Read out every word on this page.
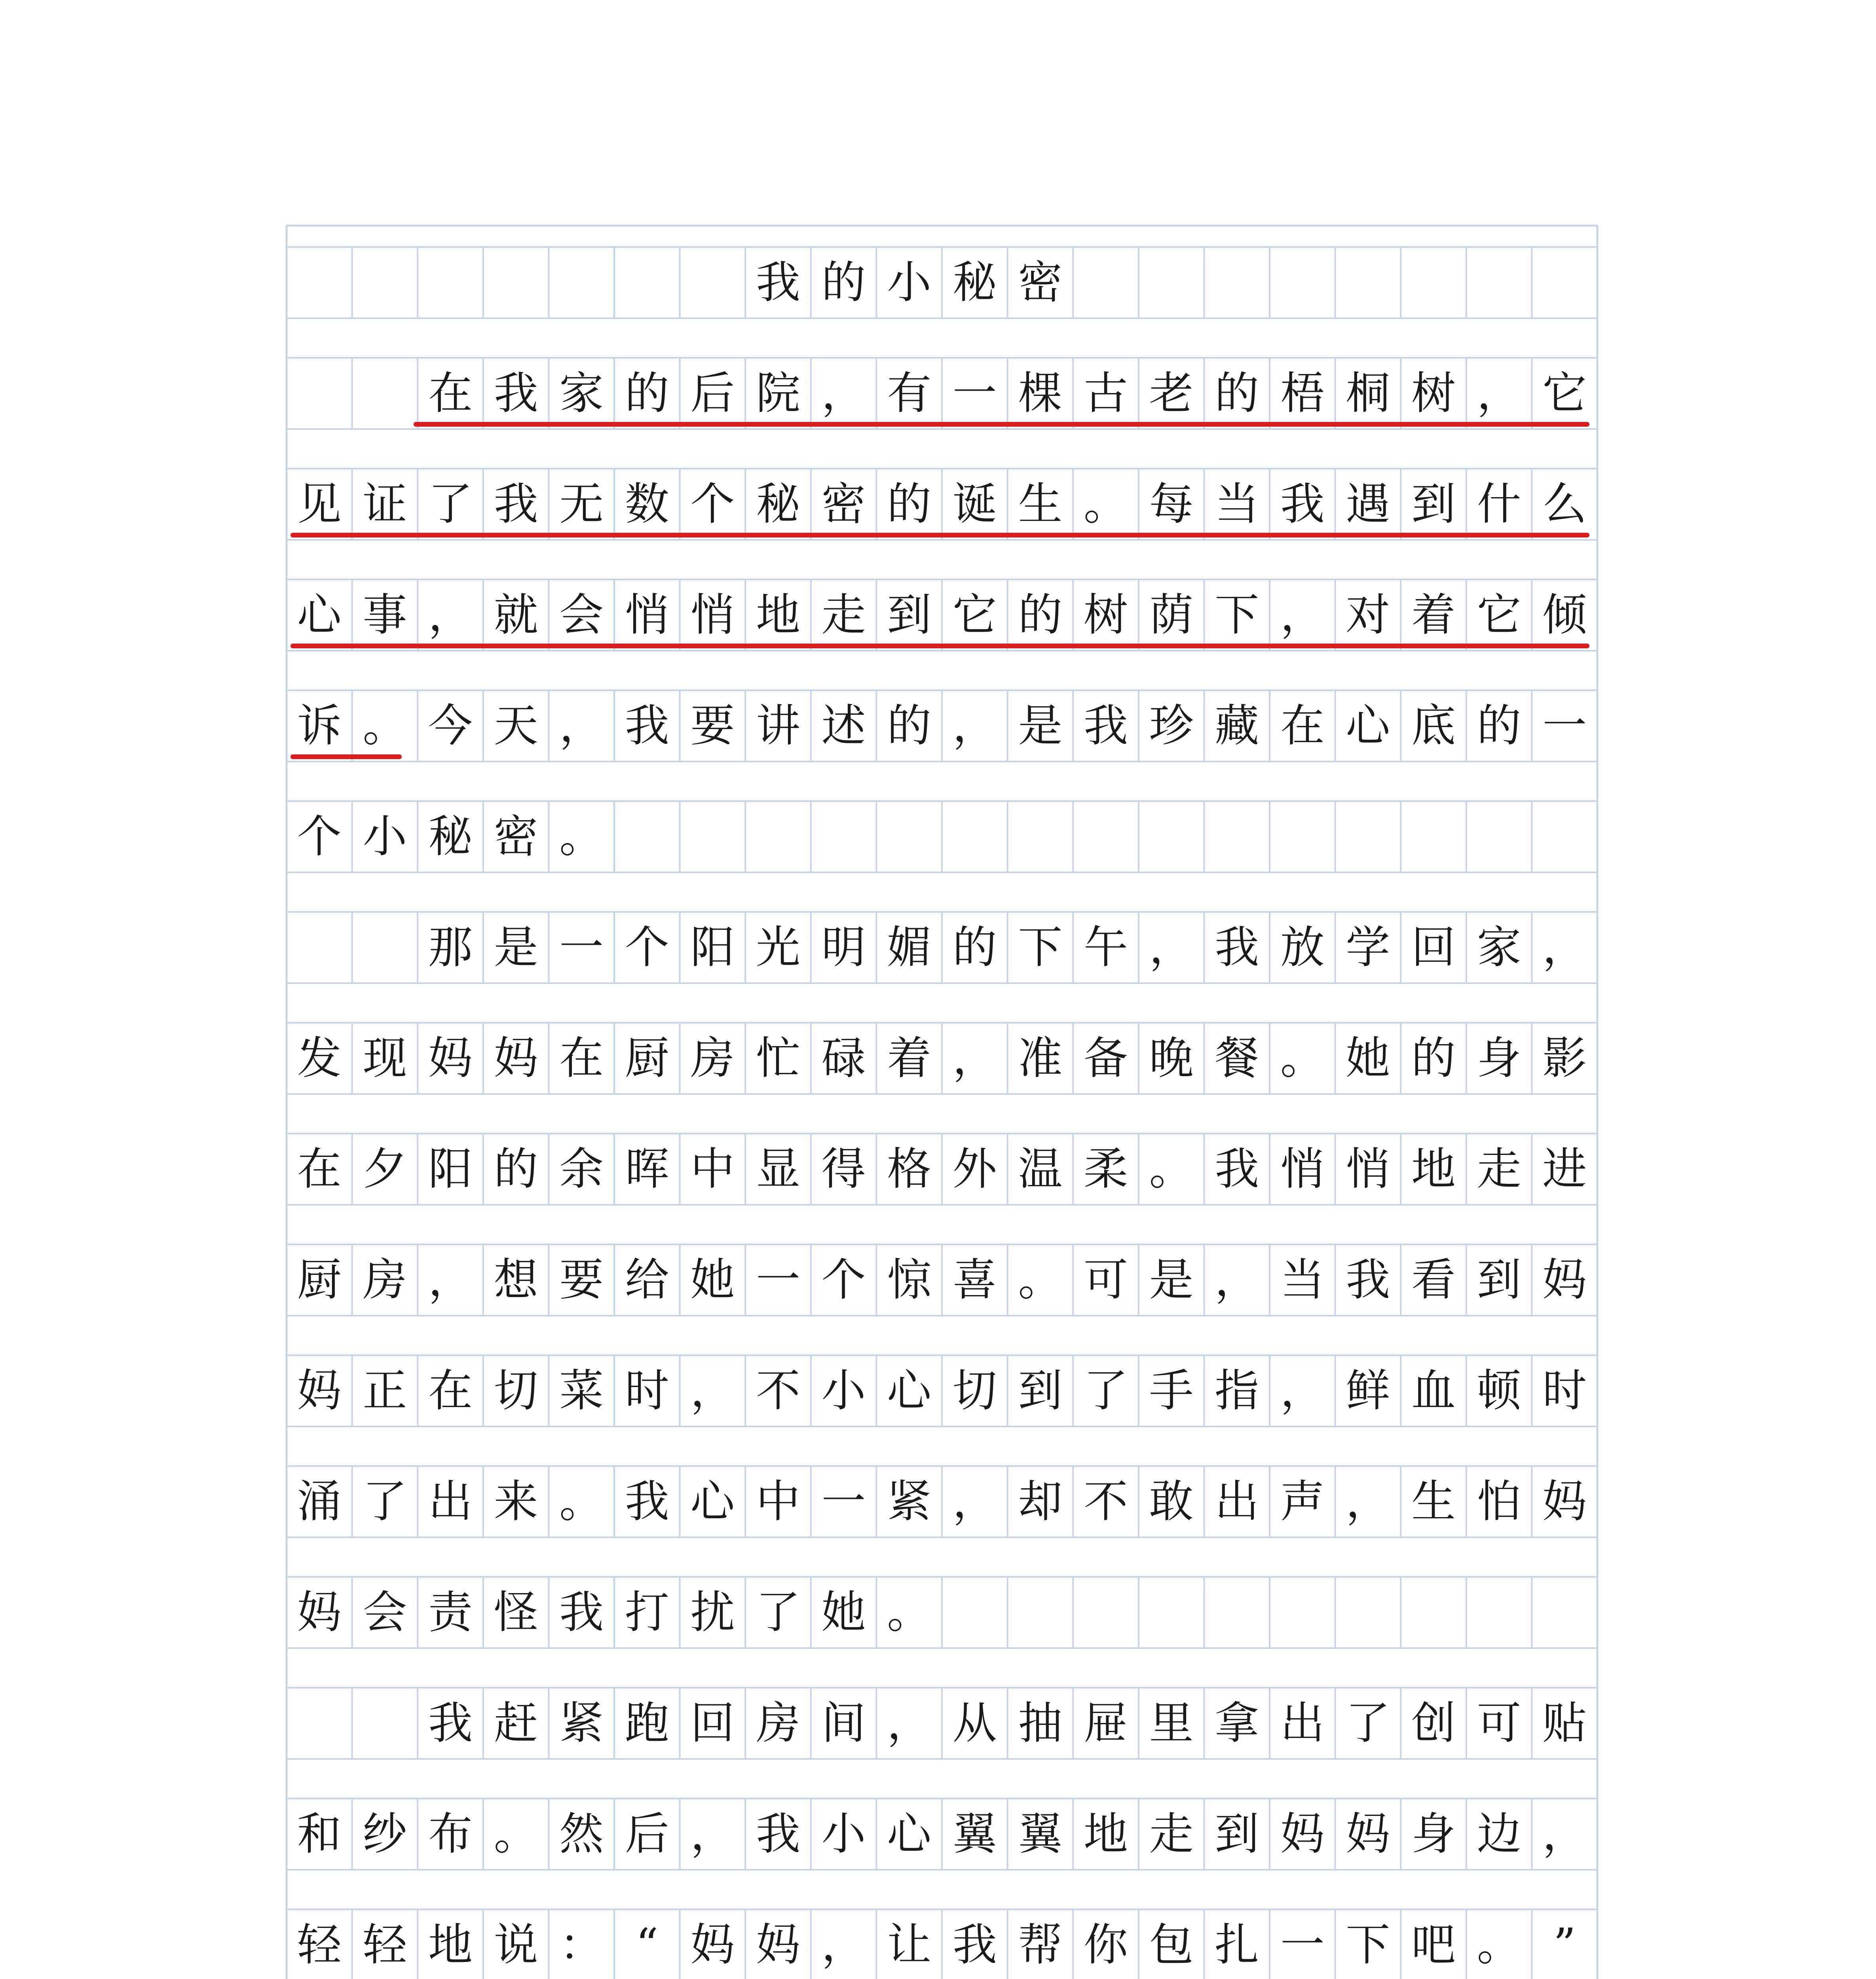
我 的 小 秘 密
在 我 家 的 后 院 ， 有 一 棵 古 老 的 梧 桐 树 ， 它
见 证 了 我 无 数 个 秘 密 的 诞 生 。 每 当 我 遇 到 什 么
心 事 ， 就 会 悄 悄 地 走 到 它 的 树 荫 下 ， 对 着 它 倾
诉 。 今 天 ， 我 要 讲 述 的 ， 是 我 珍 藏 在 心 底 的 一
个 小 秘 密 。
那 是 一 个 阳 光 明 媚 的 下 午 ， 我 放 学 回 家 ，
发 现 妈 妈 在 厨 房 忙 碌 着 ， 准 备 晚 餐 。 她 的 身 影
在 夕 阳 的 余 晖 中 显 得 格 外 温 柔 。 我 悄 悄 地 走 进
厨 房 ， 想 要 给 她 一 个 惊 喜 。 可 是 ， 当 我 看 到 妈
妈 正 在 切 菜 时 ， 不 小 心 切 到 了 手 指 ， 鲜 血 顿 时
涌 了 出 来 。 我 心 中 一 紧 ， 却 不 敢 出 声 ， 生 怕 妈
妈 会 责 怪 我 打 扰 了 她 。
我 赶 紧 跑 回 房 间 ， 从 抽 屉 里 拿 出 了 创 可 贴
和 纱 布 。 然 后 ， 我 小 心 翼 翼 地 走 到 妈 妈 身 边 ，
轻 轻 地 说 ： “ 妈 妈 ， 让 我 帮 你 包 扎 一 下 吧 。 ”
